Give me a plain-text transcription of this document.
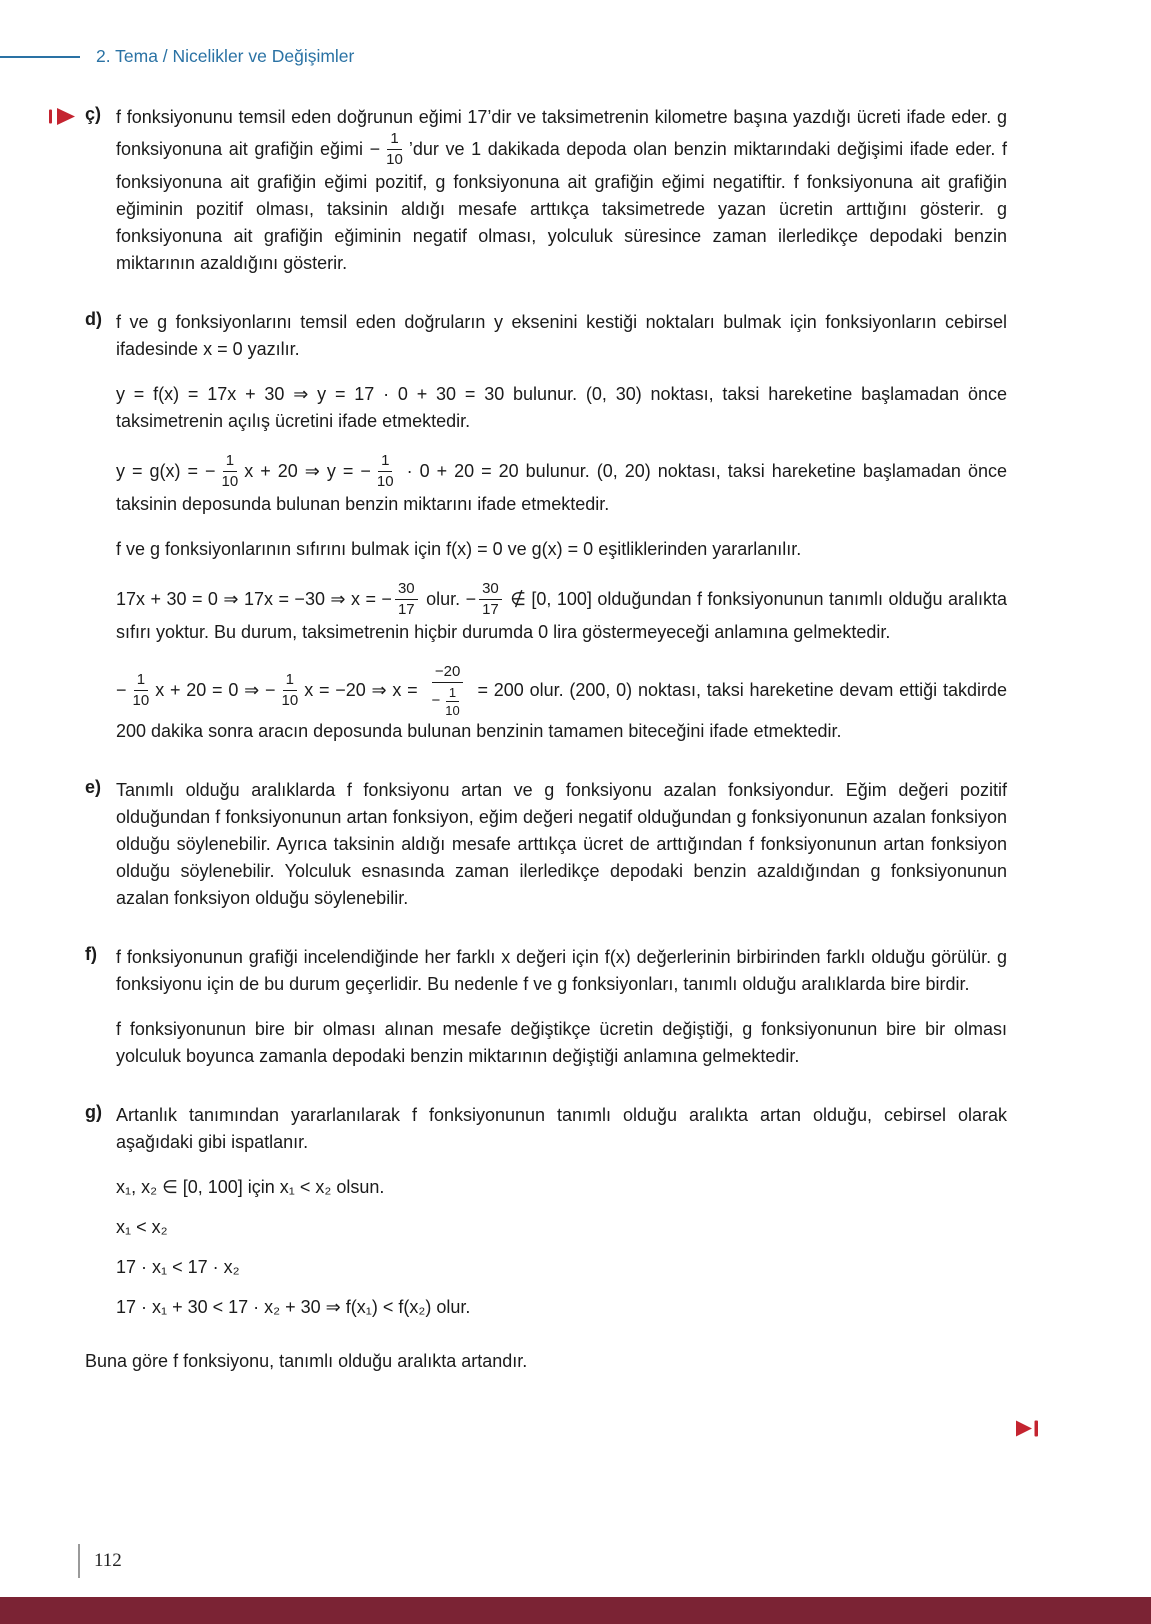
2. Tema / Nicelikler ve Değişimler
ç) f fonksiyonunu temsil eden doğrunun eğimi 17’dir ve taksimetrenin kilometre başına yazdığı ücreti ifade eder. g fonksiyonuna ait grafiğin eğimi − $\frac{1}{10}$ ’dur ve 1 dakikada depoda olan benzin miktarındaki değişimi ifade eder. f fonksiyonuna ait grafiğin eğimi pozitif, g fonksiyonuna ait grafiğin eğimi negatiftir. f fonksiyonuna ait grafiğin eğiminin pozitif olması, taksinin aldığı mesafe arttıkça taksimetrede yazan ücretin arttığını gösterir. g fonksiyonuna ait grafiğin eğiminin negatif olması, yolculuk süresince zaman ilerledikçe depodaki benzin miktarının azaldığını gösterir.

d) f ve g fonksiyonlarını temsil eden doğruların y eksenini kestiği noktaları bulmak için fonksiyonların cebirsel ifadesinde x = 0 yazılır.

y = f(x) = 17x + 30 ⇒ y = 17 · 0 + 30 = 30 bulunur. (0, 30) noktası, taksi hareketine başlamadan önce taksimetrenin açılış ücretini ifade etmektedir.

y = g(x) = − $\frac{1}{10}$ x + 20 ⇒ y = − $\frac{1}{10} \cdot 0 + 20 = 20$ bulunur. (0, 20) noktası, taksi hareketine başlamadan önce taksinin deposunda bulunan benzin miktarını ifade etmektedir.

f ve g fonksiyonlarının sıfırını bulmak için f(x) = 0 ve g(x) = 0 eşitliklerinden yararlanılır.

17x + 30 = 0 ⇒ 17x = −30 ⇒ x = − $\frac{30}{17}$ olur. − $\frac{30}{17}$ ∉ [0, 100] olduğundan f fonksiyonunun tanımlı olduğu aralıkta sıfırı yoktur. Bu durum, taksimetrenin hiçbir durumda 0 lira göstermeyeceği anlamına gelmektedir.

− $\frac{1}{10}$ x + 20 = 0 ⇒ − $\frac{1}{10}$ x = −20 ⇒ $x = \frac{-20}{- \frac{1}{10}} = 200$ olur. (200, 0) noktası, taksi hareketine devam ettiği takdirde 200 dakika sonra aracın deposunda bulunan benzinin tamamen biteceğini ifade etmektedir.

e) Tanımlı olduğu aralıklarda f fonksiyonu artan ve g fonksiyonu azalan fonksiyondur. Eğim değeri pozitif olduğundan f fonksiyonunun artan fonksiyon, eğim değeri negatif olduğundan g fonksiyonunun azalan fonksiyon olduğu söylenebilir. Ayrıca taksinin aldığı mesafe arttıkça ücret de arttığından f fonksiyonunun artan fonksiyon olduğu söylenebilir. Yolculuk esnasında zaman ilerledikçe depodaki benzin azaldığından g fonksiyonunun azalan fonksiyon olduğu söylenebilir.

f)	f fonksiyonunun grafiği incelendiğinde her farklı x değeri için f(x) değerlerinin birbirinden farklı olduğu görülür. g fonksiyonu için de bu durum geçerlidir. Bu nedenle f ve g fonksiyonları, tanımlı olduğu aralıklarda bire birdir.

f fonksiyonunun bire bir olması alınan mesafe değiştikçe ücretin değiştiği, g fonksiyonunun bire bir olması yolculuk boyunca zamanla depodaki benzin miktarının değiştiği anlamına gelmektedir.

g) Artanlık tanımından yararlanılarak f fonksiyonunun tanımlı olduğu aralıkta artan olduğu, cebirsel olarak aşağıdaki gibi ispatlanır.

x₁, x₂ ∈ [0, 100] için x₁ < x₂ olsun.

x₁ < x₂

17 · x₁ < 17 · x₂

17 · x₁ + 30 < 17 · x₂ + 30 ⇒ f(x₁) < f(x₂) olur.

Buna göre f fonksiyonu, tanımlı olduğu aralıkta artandır.

112
